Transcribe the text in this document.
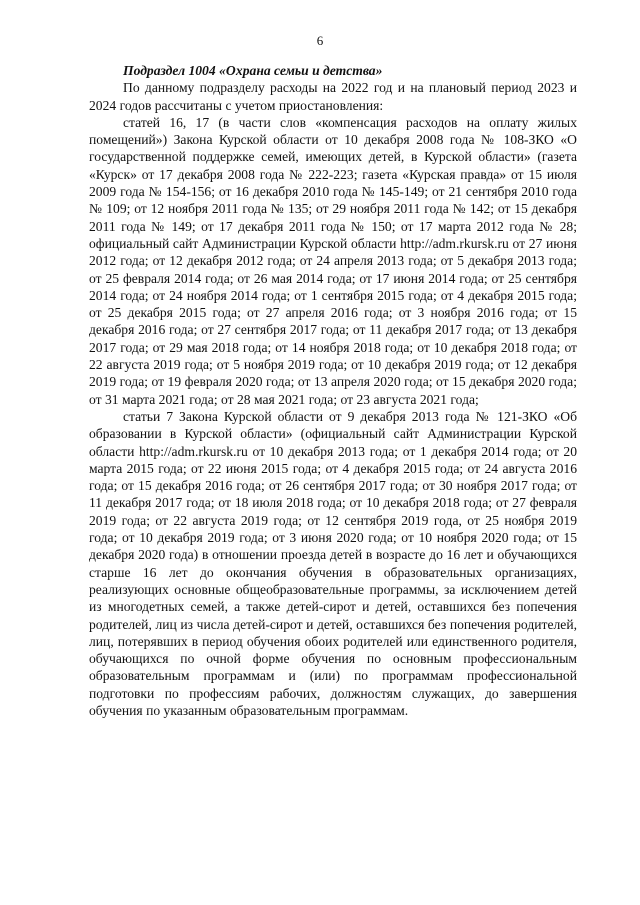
6

Подраздел 1004 «Охрана семьи и детства»

По данному подразделу расходы на 2022 год и на плановый период 2023 и 2024 годов рассчитаны с учетом приостановления:

статей 16, 17 (в части слов «компенсация расходов на оплату жилых помещений») Закона Курской области от 10 декабря 2008 года № 108-ЗКО «О государственной поддержке семей, имеющих детей, в Курской области» (газета «Курск» от 17 декабря 2008 года № 222-223; газета «Курская правда» от 15 июля 2009 года № 154-156; от 16 декабря 2010 года № 145-149; от 21 сентября 2010 года № 109; от 12 ноября 2011 года № 135; от 29 ноября 2011 года № 142; от 15 декабря 2011 года № 149; от 17 декабря 2011 года № 150; от 17 марта 2012 года № 28; официальный сайт Администрации Курской области http://adm.rkursk.ru от 27 июня 2012 года; от 12 декабря 2012 года; от 24 апреля 2013 года; от 5 декабря 2013 года; от 25 февраля 2014 года; от 26 мая 2014 года; от 17 июня 2014 года; от 25 сентября 2014 года; от 24 ноября 2014 года; от 1 сентября 2015 года; от 4 декабря 2015 года; от 25 декабря 2015 года; от 27 апреля 2016 года; от 3 ноября 2016 года; от 15 декабря 2016 года; от 27 сентября 2017 года; от 11 декабря 2017 года; от 13 декабря 2017 года; от 29 мая 2018 года; от 14 ноября 2018 года; от 10 декабря 2018 года; от 22 августа 2019 года; от 5 ноября 2019 года; от 10 декабря 2019 года; от 12 декабря 2019 года; от 19 февраля 2020 года; от 13 апреля 2020 года; от 15 декабря 2020 года; от 31 марта 2021 года; от 28 мая 2021 года; от 23 августа 2021 года;

статьи 7 Закона Курской области от 9 декабря 2013 года № 121-ЗКО «Об образовании в Курской области» (официальный сайт Администрации Курской области http://adm.rkursk.ru от 10 декабря 2013 года; от 1 декабря 2014 года; от 20 марта 2015 года; от 22 июня 2015 года; от 4 декабря 2015 года; от 24 августа 2016 года; от 15 декабря 2016 года; от 26 сентября 2017 года; от 30 ноября 2017 года; от 11 декабря 2017 года; от 18 июля 2018 года; от 10 декабря 2018 года; от 27 февраля 2019 года; от 22 августа 2019 года; от 12 сентября 2019 года, от 25 ноября 2019 года; от 10 декабря 2019 года; от 3 июня 2020 года; от 10 ноября 2020 года; от 15 декабря 2020 года) в отношении проезда детей в возрасте до 16 лет и обучающихся старше 16 лет до окончания обучения в образовательных организациях, реализующих основные общеобразовательные программы, за исключением детей из многодетных семей, а также детей-сирот и детей, оставшихся без попечения родителей, лиц из числа детей-сирот и детей, оставшихся без попечения родителей, лиц, потерявших в период обучения обоих родителей или единственного родителя, обучающихся по очной форме обучения по основным профессиональным образовательным программам и (или) по программам профессиональной подготовки по профессиям рабочих, должностям служащих, до завершения обучения по указанным образовательным программам.
